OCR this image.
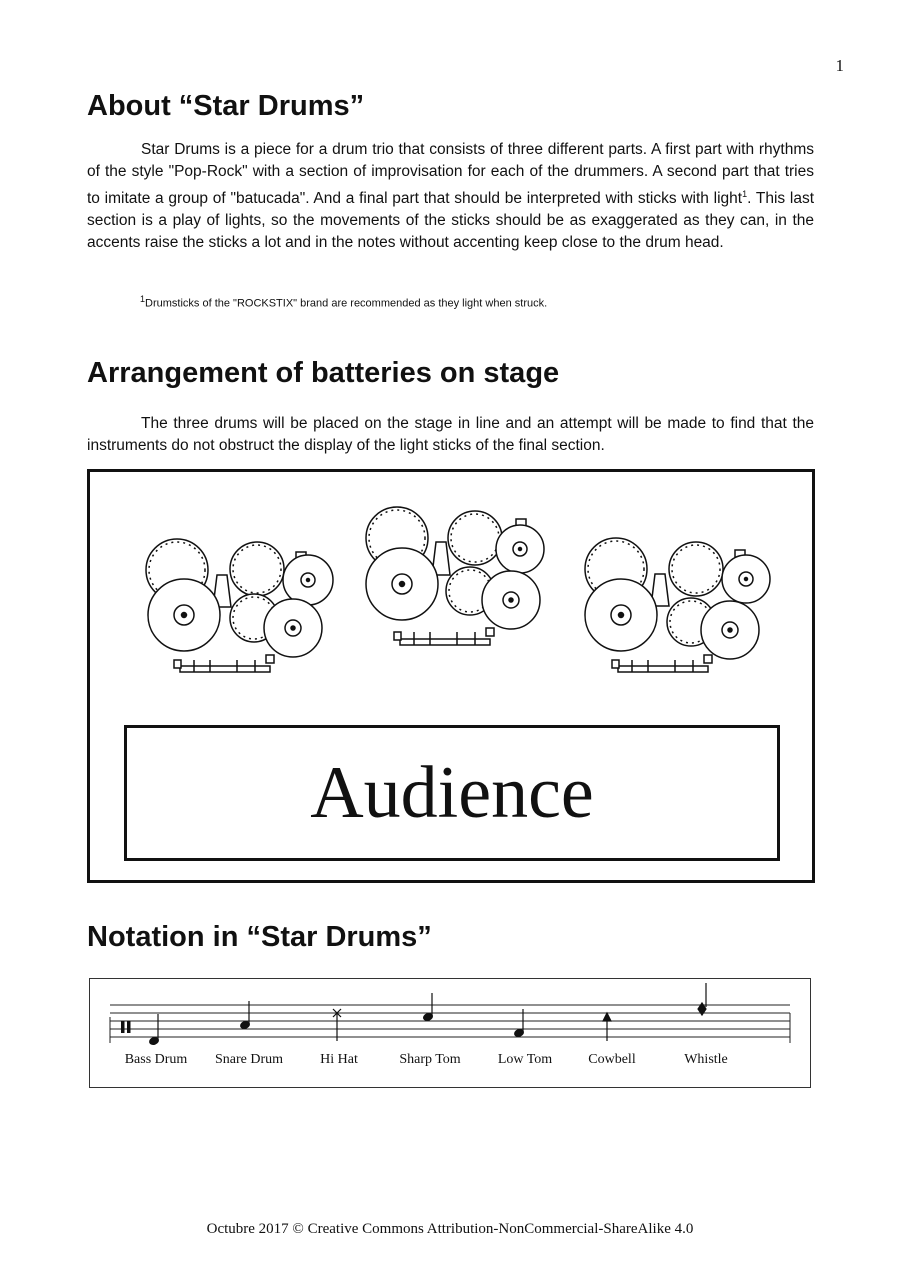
1
About “Star Drums”

Star Drums is a piece for a drum trio that consists of three different parts. A first part with rhythms of the style "Pop-Rock" with a section of improvisation for each of the drummers. A second part that tries to imitate a group of "batucada". And a final part that should be interpreted with sticks with light$^1$. This last section is a play of lights, so the movements of the sticks should be as exaggerated as they can, in the accents raise the sticks a lot and in the notes without accenting keep close to the drum head.

$^1$Drumsticks of the "ROCKSTIX" brand are recommended as they light when struck.
Arrangement of batteries on stage

The three drums will be placed on the stage in line and an attempt will be made to find that the instruments do not obstruct the display of the light sticks of the final section.

Audience
Notation in “Star Drums”
Bass Drum Snare Drum	Hi Hat	Sharp Tom	Low Tom	Cowbell	Whistle
Octubre 2017 © Creative Commons Attribution-NonCommercial-ShareAlike 4.0
